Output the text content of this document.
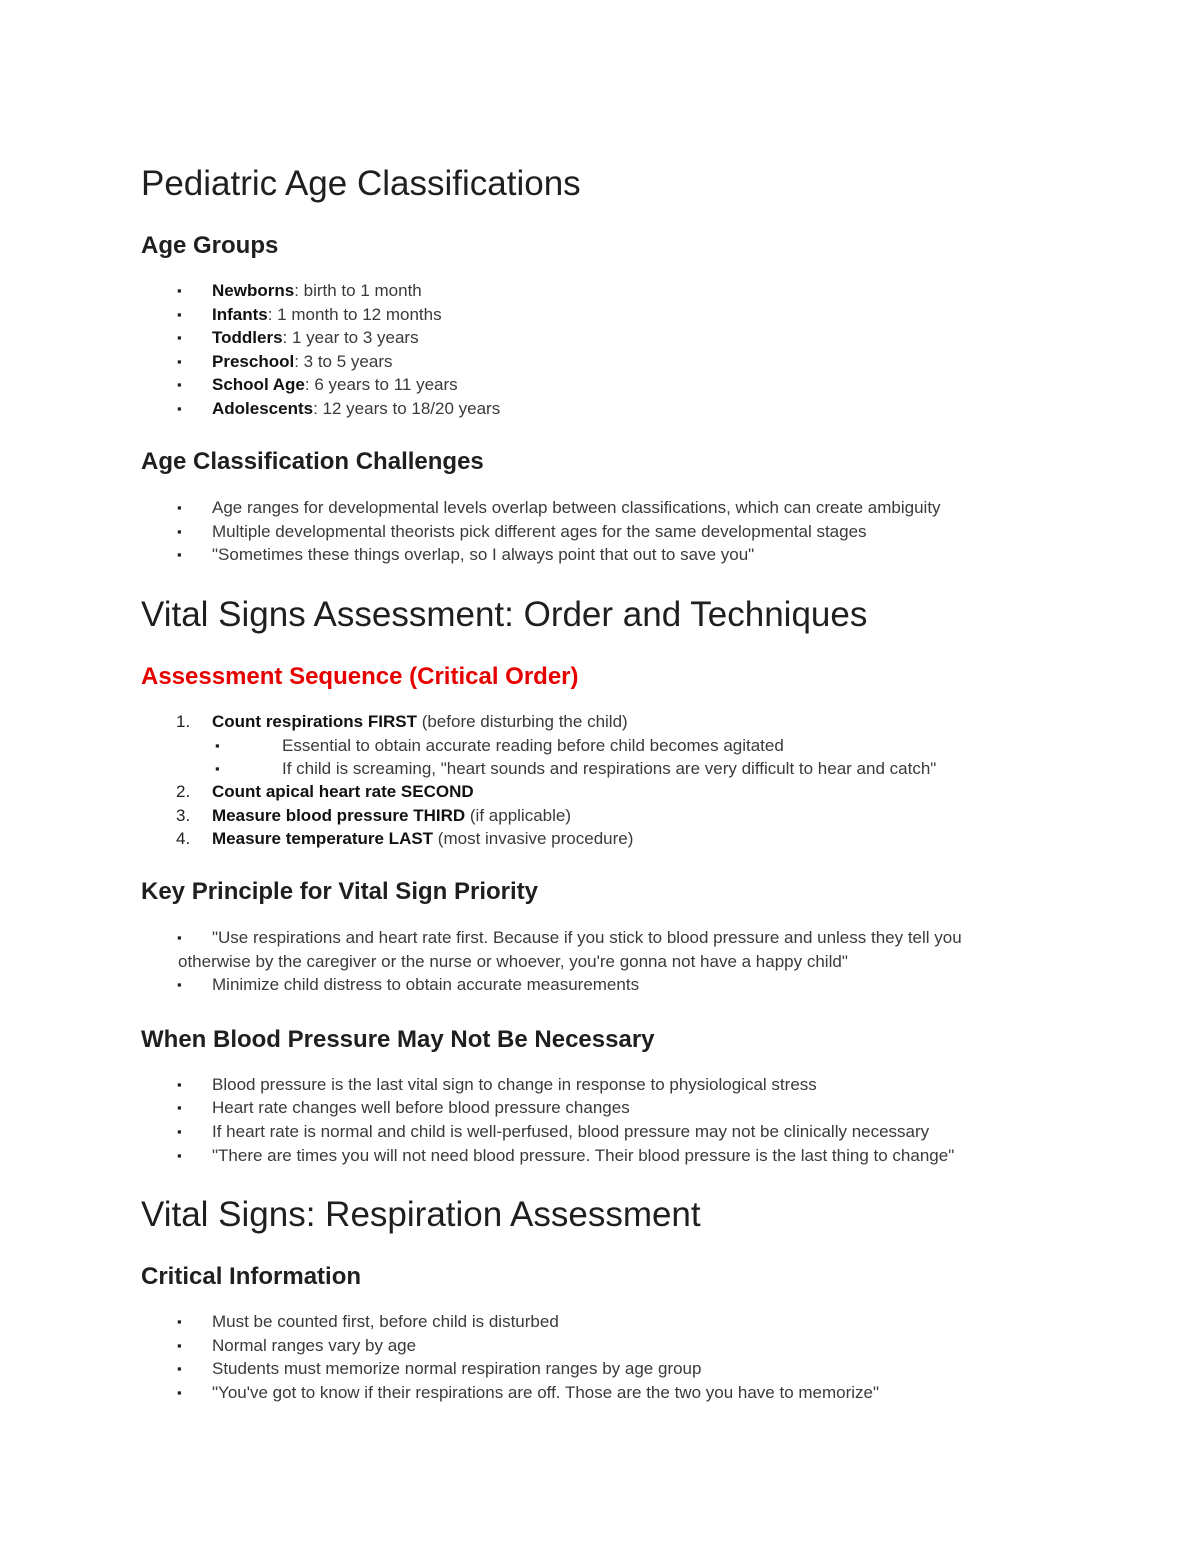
Pediatric Age Classifications
Age Groups
▪ Newborns: birth to 1 month
▪ Infants: 1 month to 12 months
▪ Toddlers: 1 year to 3 years
▪ Preschool: 3 to 5 years
▪ School Age: 6 years to 11 years
▪ Adolescents: 12 years to 18/20 years
Age Classification Challenges
▪ Age ranges for developmental levels overlap between classifications, which can create ambiguity
▪ Multiple developmental theorists pick different ages for the same developmental stages
▪ "Sometimes these things overlap, so I always point that out to save you"
Vital Signs Assessment: Order and Techniques
Assessment Sequence (Critical Order)
1. Count respirations FIRST (before disturbing the child)
▪	Essential to obtain accurate reading before child becomes agitated
▪	If child is screaming, "heart sounds and respirations are very difficult to hear and catch"
2. Count apical heart rate SECOND
3. Measure blood pressure THIRD (if applicable)
4. Measure temperature LAST (most invasive procedure)
Key Principle for Vital Sign Priority
▪ "Use respirations and heart rate first. Because if you stick to blood pressure and unless they tell you
otherwise by the caregiver or the nurse or whoever, you're gonna not have a happy child"
▪ Minimize child distress to obtain accurate measurements
When Blood Pressure May Not Be Necessary
▪ Blood pressure is the last vital sign to change in response to physiological stress
▪ Heart rate changes well before blood pressure changes
▪ If heart rate is normal and child is well-perfused, blood pressure may not be clinically necessary
▪ "There are times you will not need blood pressure. Their blood pressure is the last thing to change"
Vital Signs: Respiration Assessment
Critical Information
▪ Must be counted first, before child is disturbed
▪ Normal ranges vary by age
▪ Students must memorize normal respiration ranges by age group
▪ "You've got to know if their respirations are off. Those are the two you have to memorize"
